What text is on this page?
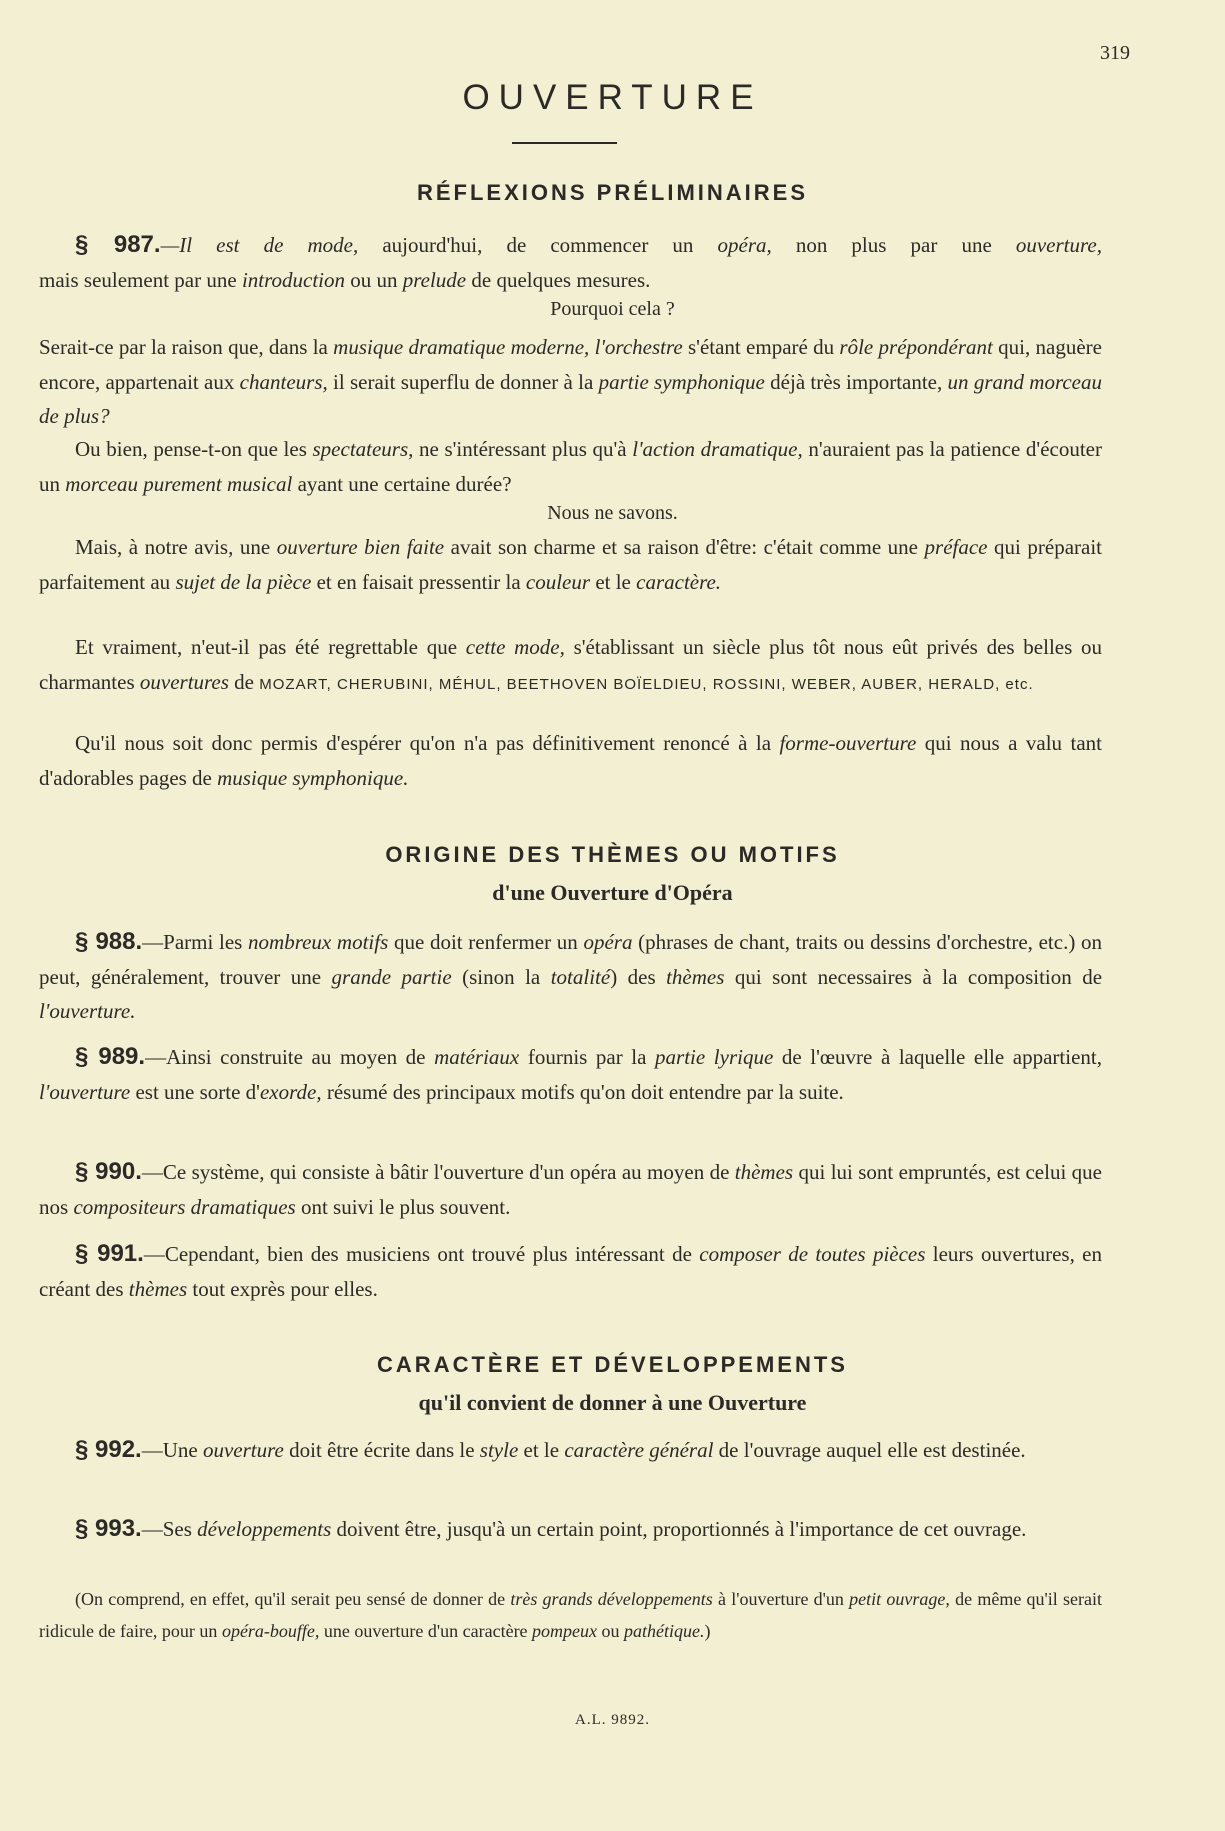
319
OUVERTURE
RÉFLEXIONS PRÉLIMINAIRES

§ 987.—Il est de mode, aujourd'hui, de commencer un opéra, non plus par une ouverture,
mais seulement par une introduction ou un prelude de quelques mesures.

Pourquoi cela ?

Serait-ce par la raison que, dans la musique dramatique moderne, l'orchestre s'étant emparé du rôle prépondérant qui, naguère encore, appartenait aux chanteurs, il serait superflu de donner à la partie symphonique déjà très importante, un grand morceau de plus?

Ou bien, pense-t-on que les spectateurs, ne s'intéressant plus qu'à l'action dramatique, n'auraient pas la patience d'écouter un morceau purement musical ayant une certaine durée?

Nous ne savons.

Mais, à notre avis, une ouverture bien faite avait son charme et sa raison d'être: c'était comme une préface qui préparait parfaitement au sujet de la pièce et en faisait pressentir la couleur et le caractère.

Et vraiment, n'eut-il pas été regrettable que cette mode, s'établissant un siècle plus tôt nous eût privés des belles ou charmantes ouvertures de MOZART, CHERUBINI, MÉHUL, BEETHOVEN BOÏELDIEU, ROSSINI, WEBER, AUBER, HERALD, etc.

Qu'il nous soit donc permis d'espérer qu'on n'a pas définitivement renoncé à la forme-ouverture qui nous a valu tant d'adorables pages de musique symphonique.

ORIGINE DES THÈMES OU MOTIFS
d'une Ouverture d'Opéra

§ 988.—Parmi les nombreux motifs que doit renfermer un opéra (phrases de chant, traits ou dessins d'orchestre, etc.) on peut, généralement, trouver une grande partie (sinon la totalité) des thèmes qui sont necessaires à la composition de l'ouverture.

§ 989.—Ainsi construite au moyen de matériaux fournis par la partie lyrique de l'œuvre à laquelle elle appartient, l'ouverture est une sorte d'exorde, résumé des principaux motifs qu'on doit entendre par la suite.

§ 990.—Ce système, qui consiste à bâtir l'ouverture d'un opéra au moyen de thèmes qui lui sont empruntés, est celui que nos compositeurs dramatiques ont suivi le plus souvent.

§ 991.—Cependant, bien des musiciens ont trouvé plus intéressant de composer de toutes pièces leurs ouvertures, en créant des thèmes tout exprès pour elles.

CARACTÈRE ET DÉVELOPPEMENTS
qu'il convient de donner à une Ouverture

§ 992.—Une ouverture doit être écrite dans le style et le caractère général de l'ouvrage auquel elle est destinée.

§ 993.—Ses développements doivent être, jusqu'à un certain point, proportionnés à l'importance de cet ouvrage.

(On comprend, en effet, qu'il serait peu sensé de donner de très grands développements à l'ouverture d'un petit ouvrage, de même qu'il serait ridicule de faire, pour un opéra-bouffe, une ouverture d'un caractère pompeux ou pathétique.)

A.L. 9892.
